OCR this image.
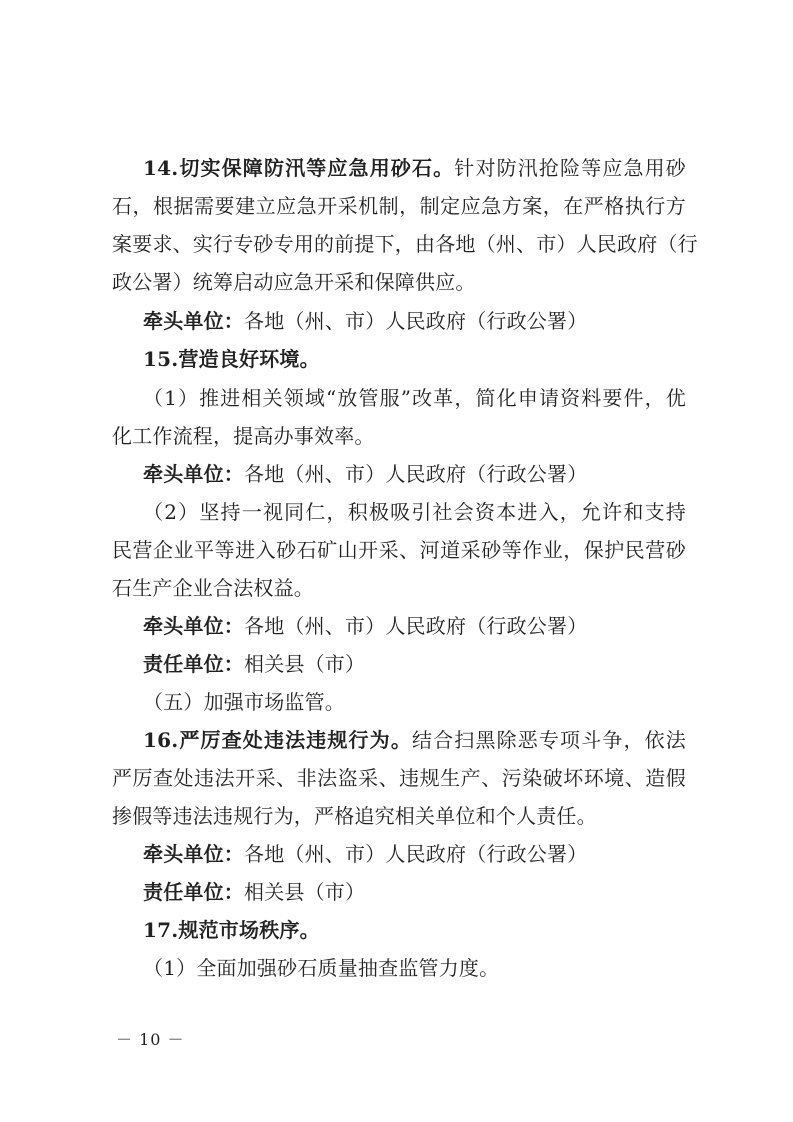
14.切实保障防汛等应急用砂石。针对防汛抢险等应急用砂
石，根据需要建立应急开采机制，制定应急方案，在严格执行方
案要求、实行专砂专用的前提下，由各地（州、市）人民政府（行
政公署）统筹启动应急开采和保障供应。
牵头单位：各地（州、市）人民政府（行政公署）
15.营造良好环境。
（1）推进相关领域“放管服”改革，简化申请资料要件，优
化工作流程，提高办事效率。
牵头单位：各地（州、市）人民政府（行政公署）
（2）坚持一视同仁，积极吸引社会资本进入，允许和支持
民营企业平等进入砂石矿山开采、河道采砂等作业，保护民营砂
石生产企业合法权益。
牵头单位：各地（州、市）人民政府（行政公署）
责任单位：相关县（市）
（五）加强市场监管。
16.严厉查处违法违规行为。结合扫黑除恶专项斗争，依法
严厉查处违法开采、非法盗采、违规生产、污染破坏环境、造假
掺假等违法违规行为，严格追究相关单位和个人责任。
牵头单位：各地（州、市）人民政府（行政公署）
责任单位：相关县（市）
17.规范市场秩序。
（1）全面加强砂石质量抽查监管力度。
－ 10 －
